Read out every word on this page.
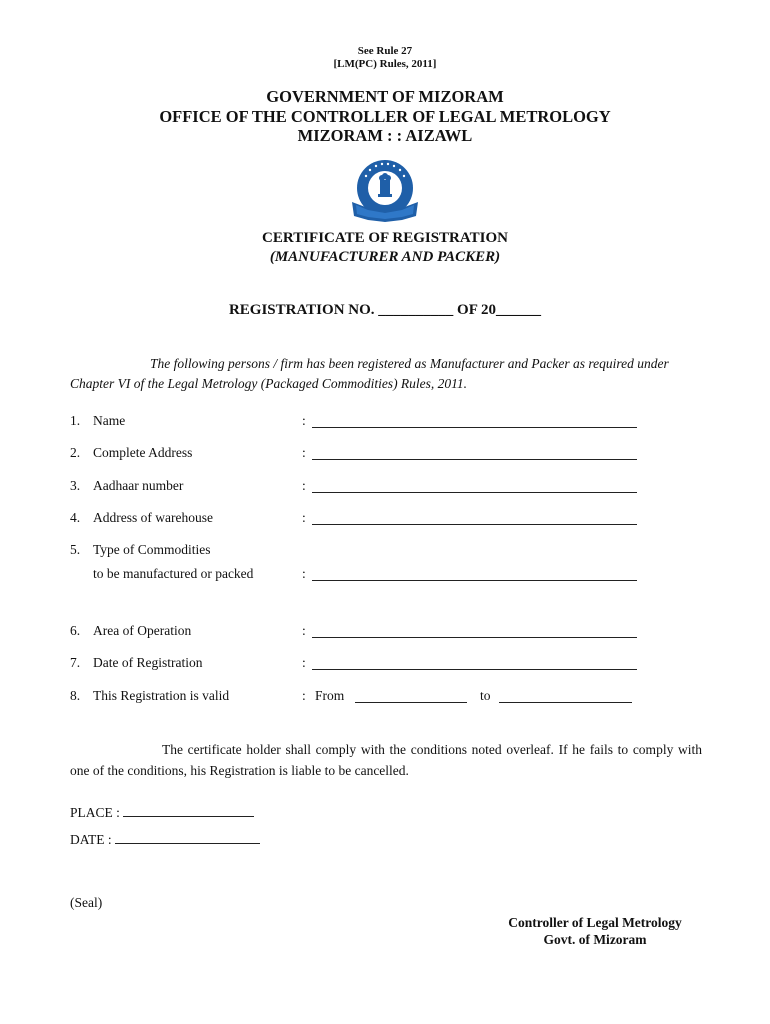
See Rule 27
[LM(PC) Rules, 2011]
GOVERNMENT OF MIZORAM
OFFICE OF THE CONTROLLER OF LEGAL METROLOGY
MIZORAM : : AIZAWL
CERTIFICATE OF REGISTRATION
(MANUFACTURER AND PACKER)
REGISTRATION NO. __________ OF 20______
The following persons / firm has been registered as Manufacturer and Packer as required under Chapter VI of the Legal Metrology (Packaged Commodities) Rules, 2011.
1. Name	:
2. Complete Address	:
3. Aadhaar number	:
4. Address of warehouse	:
5. Type of Commodities
to be manufactured or packed	:
6. Area of Operation	:
7. Date of Registration	:
8. This Registration is valid	: From	to
The certificate holder shall comply with the conditions noted overleaf. If he fails to comply with one of the conditions, his Registration is liable to be cancelled.
PLACE :
DATE :
(Seal)
Controller of Legal Metrology
Govt. of Mizoram
